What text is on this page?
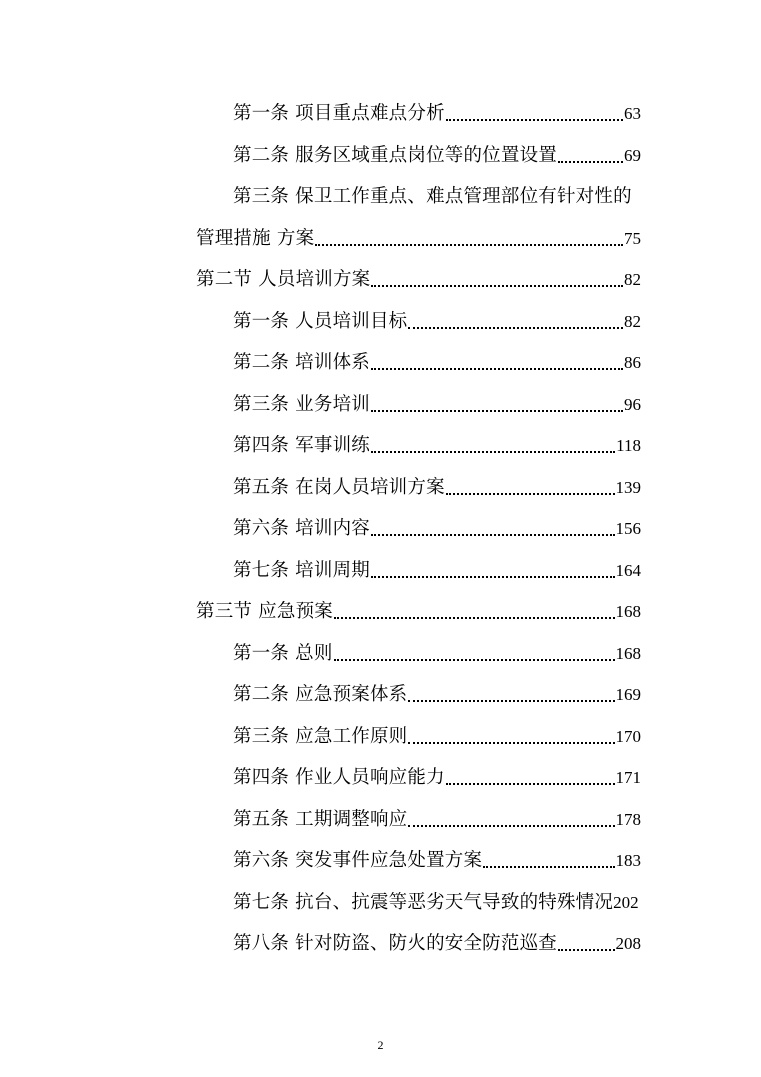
第一条 项目重点难点分析	63
第二条 服务区域重点岗位等的位置设置	69
第三条 保卫工作重点、难点管理部位有针对性的
管理措施 方案	75
第二节 人员培训方案	82
第一条 人员培训目标	82
第二条 培训体系	86
第三条 业务培训	96
第四条 军事训练	118
第五条 在岗人员培训方案	139
第六条 培训内容	156
第七条 培训周期	164
第三节 应急预案	168
第一条 总则	168
第二条 应急预案体系	169
第三条 应急工作原则	170
第四条 作业人员响应能力	171
第五条 工期调整响应	178
第六条 突发事件应急处置方案	183
第七条 抗台、抗震等恶劣天气导致的特殊情况 202
第八条 针对防盗、防火的安全防范巡查	208
2
